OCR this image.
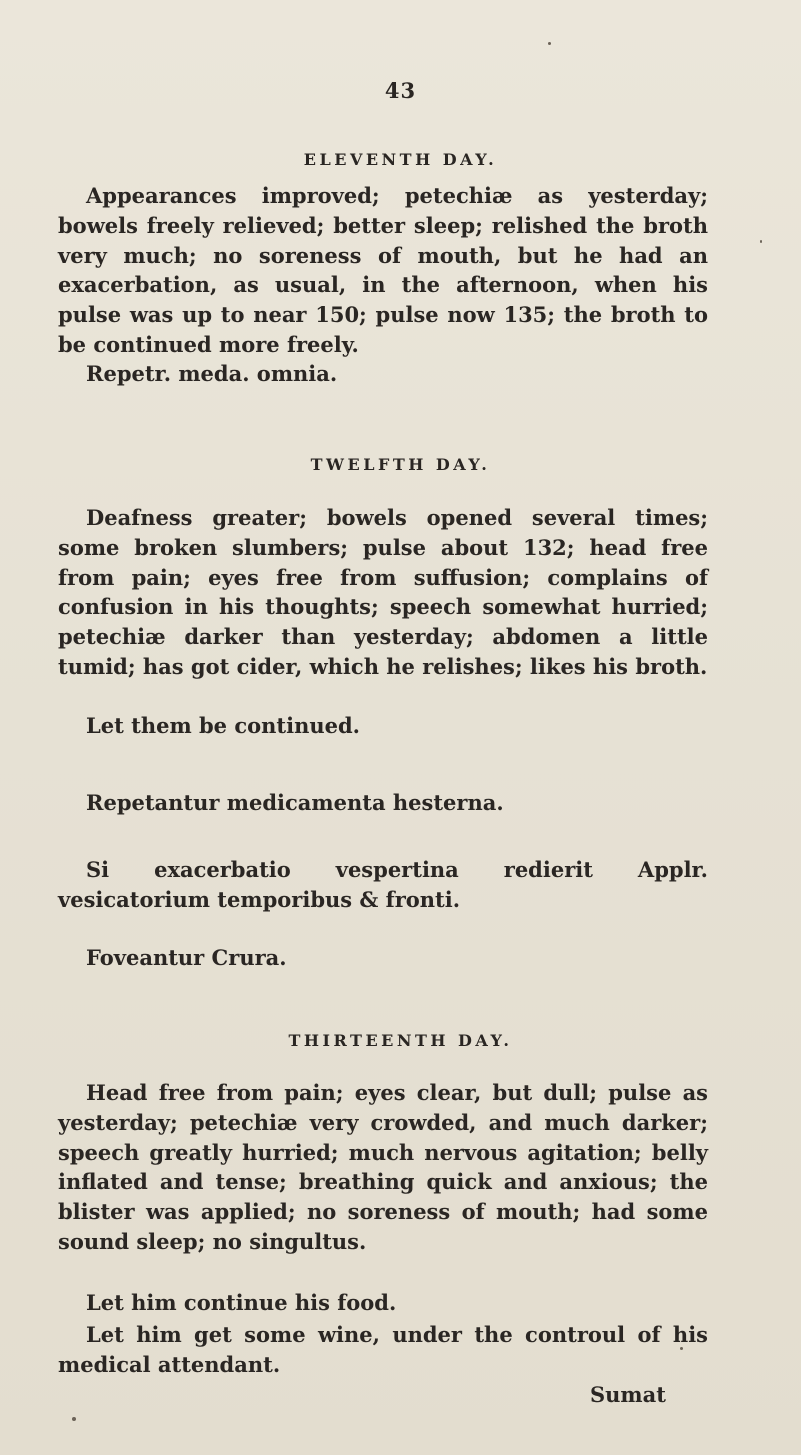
43
ELEVENTH DAY.
Appearances improved; petechiæ as yesterday; bowels freely relieved; better sleep; relished the broth very much; no soreness of mouth, but he had an exacerbation, as usual, in the afternoon, when his pulse was up to near 150; pulse now 135; the broth to be continued more freely.
Repetr. meda. omnia.
TWELFTH DAY.
Deafness greater; bowels opened several times; some broken slumbers; pulse about 132; head free from pain; eyes free from suffusion; complains of confusion in his thoughts; speech somewhat hurried; petechiæ darker than yesterday; abdomen a little tumid; has got cider, which he relishes; likes his broth.
Let them be continued.
Repetantur medicamenta hesterna.
Si exacerbatio vespertina redierit Applr. vesicatorium temporibus & fronti.
Foveantur Crura.
THIRTEENTH DAY.
Head free from pain; eyes clear, but dull; pulse as yesterday; petechiæ very crowded, and much darker; speech greatly hurried; much nervous agitation; belly inflated and tense; breathing quick and anxious; the blister was applied; no soreness of mouth; had some sound sleep; no singultus.
Let him continue his food.
Let him get some wine, under the controul of his medical attendant.
Sumat
